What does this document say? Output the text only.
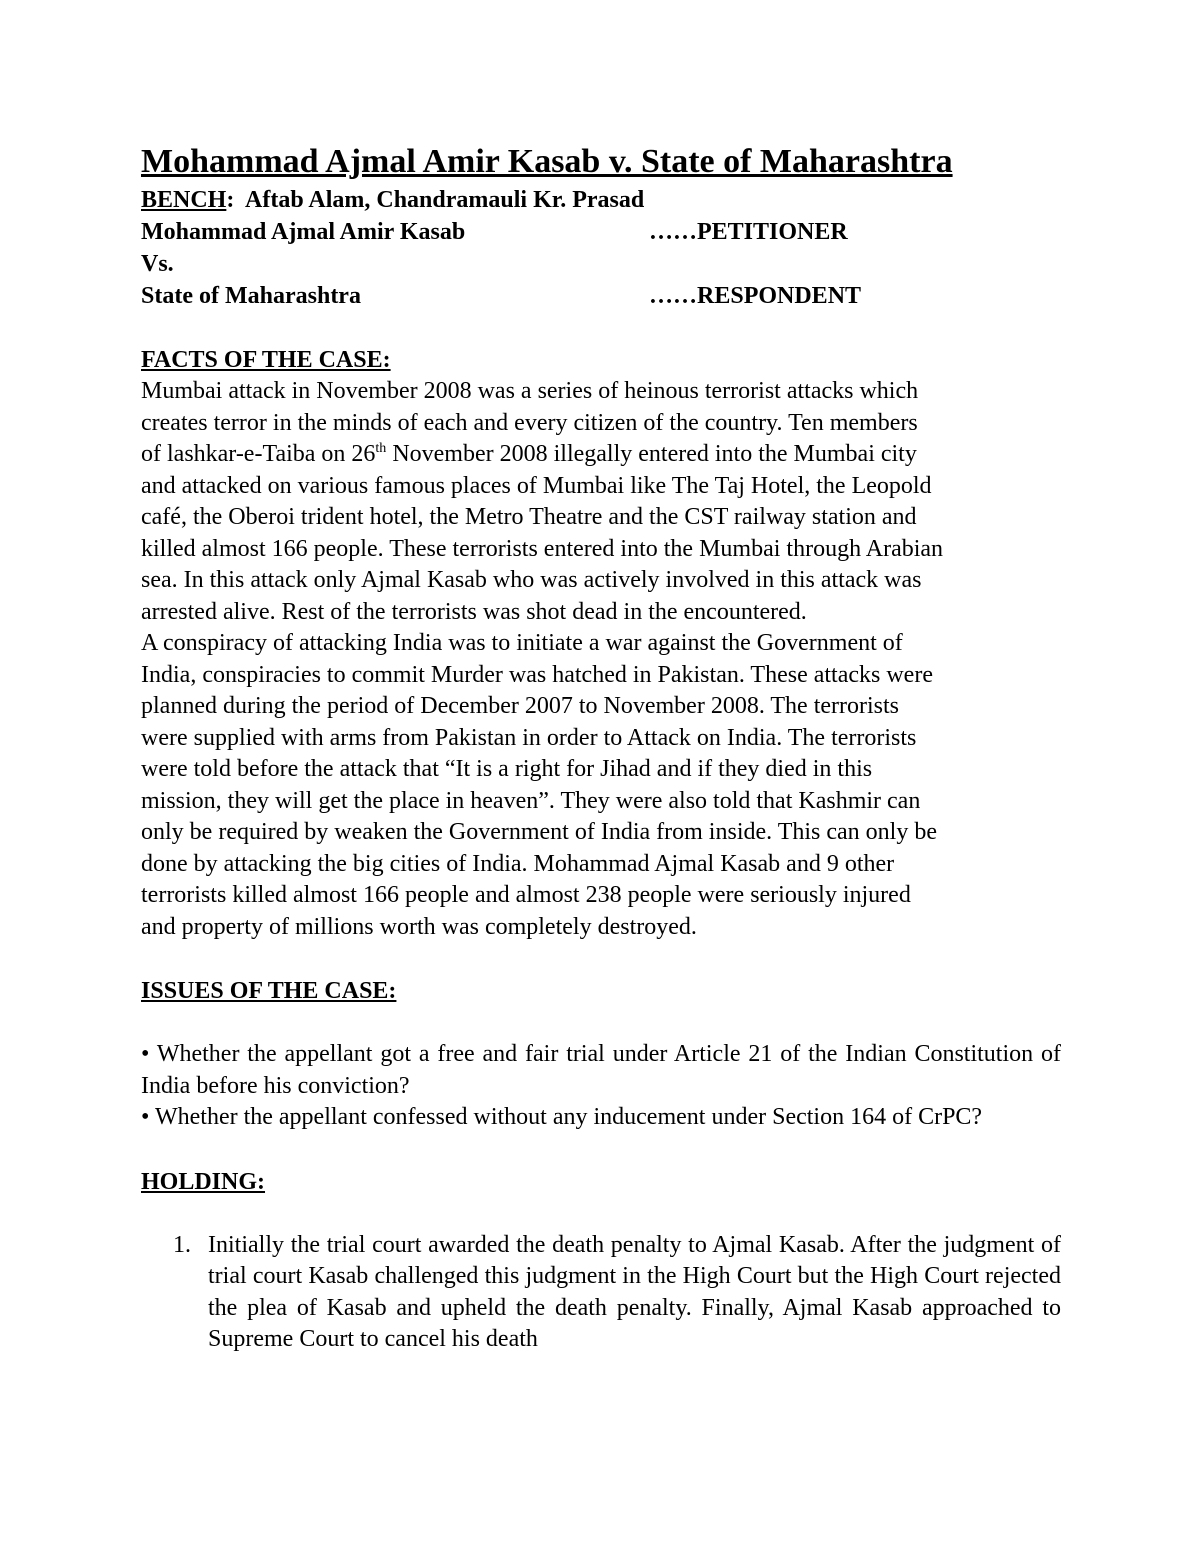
Mohammad Ajmal Amir Kasab v. State of Maharashtra
BENCH: Aftab Alam, Chandramauli Kr. Prasad
Mohammad Ajmal Amir Kasab	……PETITIONER
Vs.
State of Maharashtra	……RESPONDENT
FACTS OF THE CASE:
Mumbai attack in November 2008 was a series of heinous terrorist attacks which
creates terror in the minds of each and every citizen of the country. Ten members
of lashkar-e-Taiba on 26th November 2008 illegally entered into the Mumbai city
and attacked on various famous places of Mumbai like The Taj Hotel, the Leopold
café, the Oberoi trident hotel, the Metro Theatre and the CST railway station and
killed almost 166 people. These terrorists entered into the Mumbai through Arabian
sea. In this attack only Ajmal Kasab who was actively involved in this attack was
arrested alive. Rest of the terrorists was shot dead in the encountered.
A conspiracy of attacking India was to initiate a war against the Government of
India, conspiracies to commit Murder was hatched in Pakistan. These attacks were
planned during the period of December 2007 to November 2008. The terrorists
were supplied with arms from Pakistan in order to Attack on India. The terrorists
were told before the attack that “It is a right for Jihad and if they died in this
mission, they will get the place in heaven”. They were also told that Kashmir can
only be required by weaken the Government of India from inside. This can only be
done by attacking the big cities of India. Mohammad Ajmal Kasab and 9 other
terrorists killed almost 166 people and almost 238 people were seriously injured
and property of millions worth was completely destroyed.
ISSUES OF THE CASE:

• Whether the appellant got a free and fair trial under Article 21 of the Indian Constitution of India before his conviction?

• Whether the appellant confessed without any inducement under Section 164 of CrPC?

HOLDING:
1. Initially the trial court awarded the death penalty to Ajmal Kasab. After the judgment of trial court Kasab challenged this judgment in the High Court but the High Court rejected the plea of Kasab and upheld the death penalty. Finally, Ajmal Kasab approached to Supreme Court to cancel his death
